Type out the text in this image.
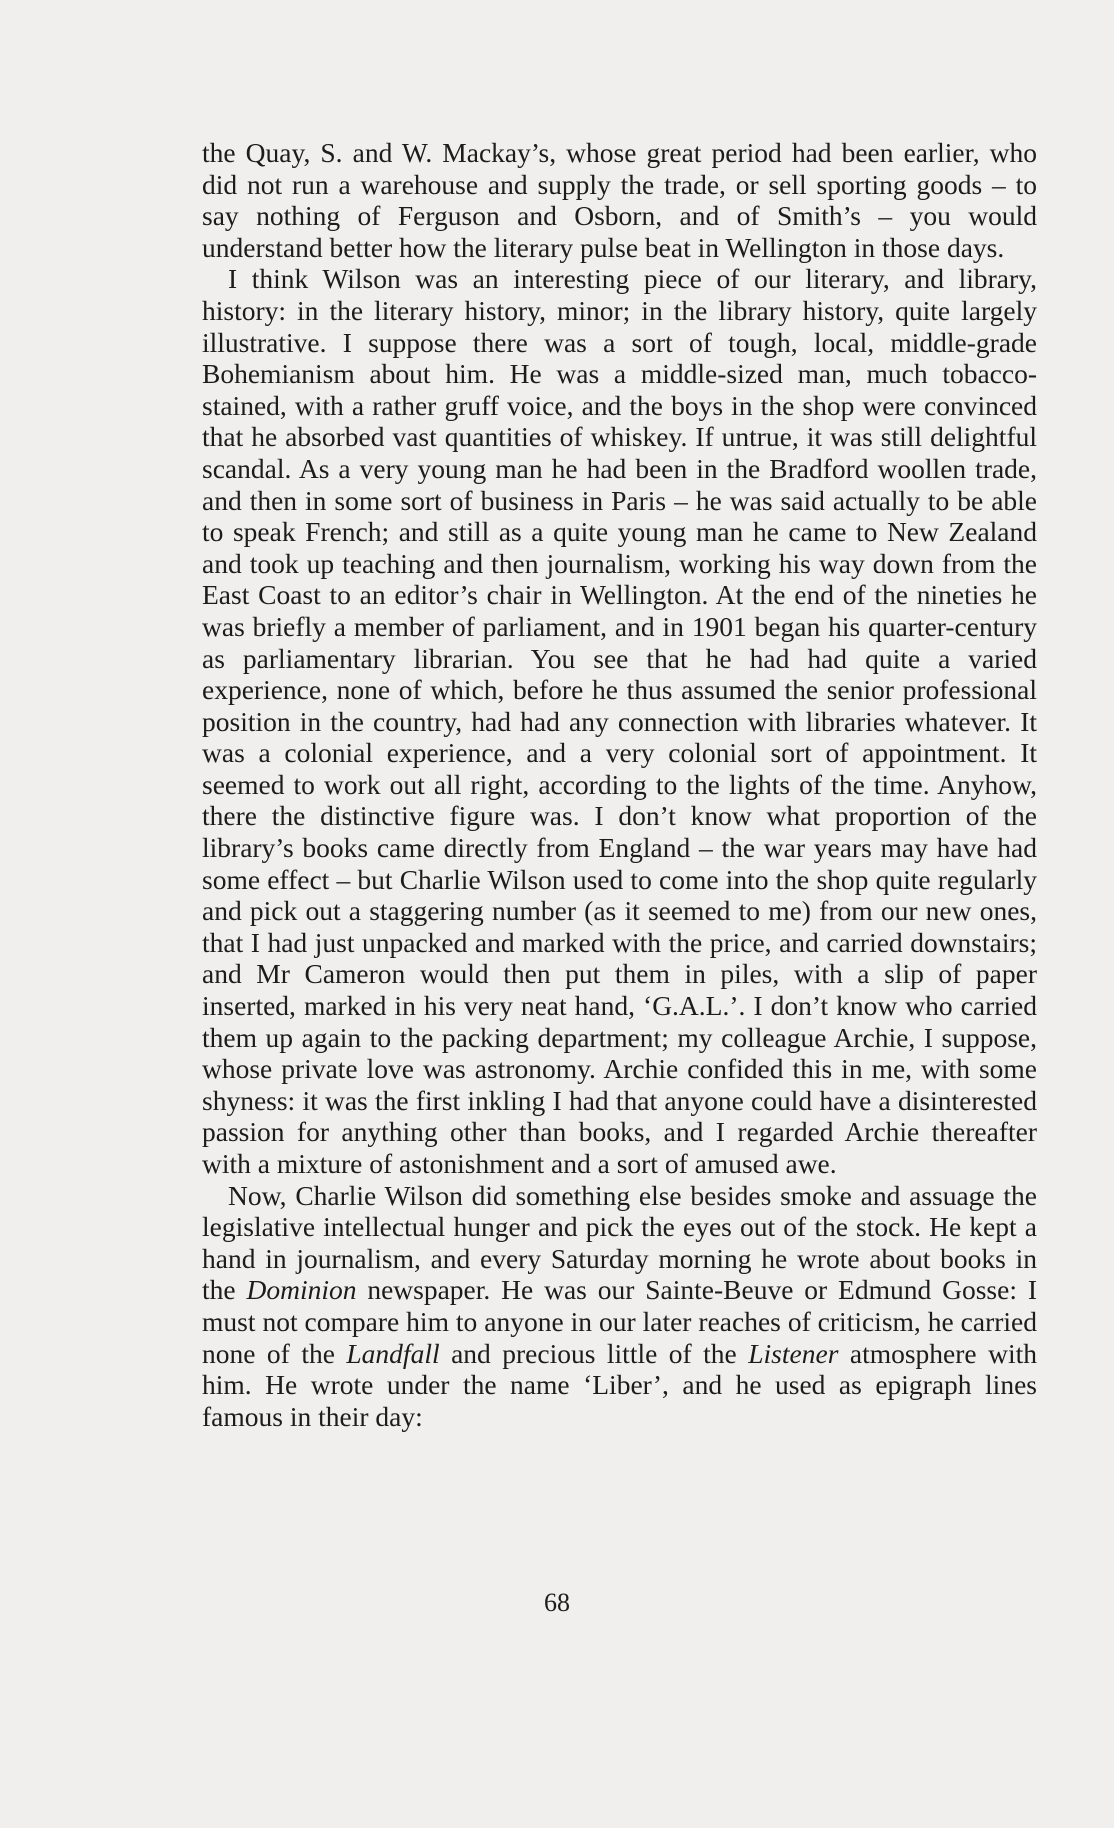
the Quay, S. and W. Mackay’s, whose great period had been earlier, who did not run a warehouse and supply the trade, or sell sporting goods – to say nothing of Ferguson and Osborn, and of Smith’s – you would understand better how the literary pulse beat in Wellington in those days.

I think Wilson was an interesting piece of our literary, and library, history: in the literary history, minor; in the library history, quite largely illustrative. I suppose there was a sort of tough, local, middle-grade Bohemianism about him. He was a middle-sized man, much tobacco-stained, with a rather gruff voice, and the boys in the shop were convinced that he absorbed vast quantities of whiskey. If untrue, it was still delightful scandal. As a very young man he had been in the Bradford woollen trade, and then in some sort of business in Paris – he was said actually to be able to speak French; and still as a quite young man he came to New Zealand and took up teaching and then journalism, working his way down from the East Coast to an editor’s chair in Wellington. At the end of the nineties he was briefly a member of parliament, and in 1901 began his quarter-century as parliamentary librarian. You see that he had had quite a varied experience, none of which, before he thus assumed the senior professional position in the country, had had any connection with libraries whatever. It was a colonial experience, and a very colonial sort of appointment. It seemed to work out all right, according to the lights of the time. Anyhow, there the distinctive figure was. I don’t know what proportion of the library’s books came directly from England – the war years may have had some effect – but Charlie Wilson used to come into the shop quite regularly and pick out a staggering number (as it seemed to me) from our new ones, that I had just unpacked and marked with the price, and carried downstairs; and Mr Cameron would then put them in piles, with a slip of paper inserted, marked in his very neat hand, ‘G.A.L.’. I don’t know who carried them up again to the packing department; my colleague Archie, I suppose, whose private love was astronomy. Archie confided this in me, with some shyness: it was the first inkling I had that anyone could have a disinterested passion for anything other than books, and I regarded Archie thereafter with a mixture of astonishment and a sort of amused awe.

Now, Charlie Wilson did something else besides smoke and assuage the legislative intellectual hunger and pick the eyes out of the stock. He kept a hand in journalism, and every Saturday morning he wrote about books in the Dominion newspaper. He was our Sainte-Beuve or Edmund Gosse: I must not compare him to anyone in our later reaches of criticism, he carried none of the Landfall and precious little of the Listener atmosphere with him. He wrote under the name ‘Liber’, and he used as epigraph lines famous in their day:

68
